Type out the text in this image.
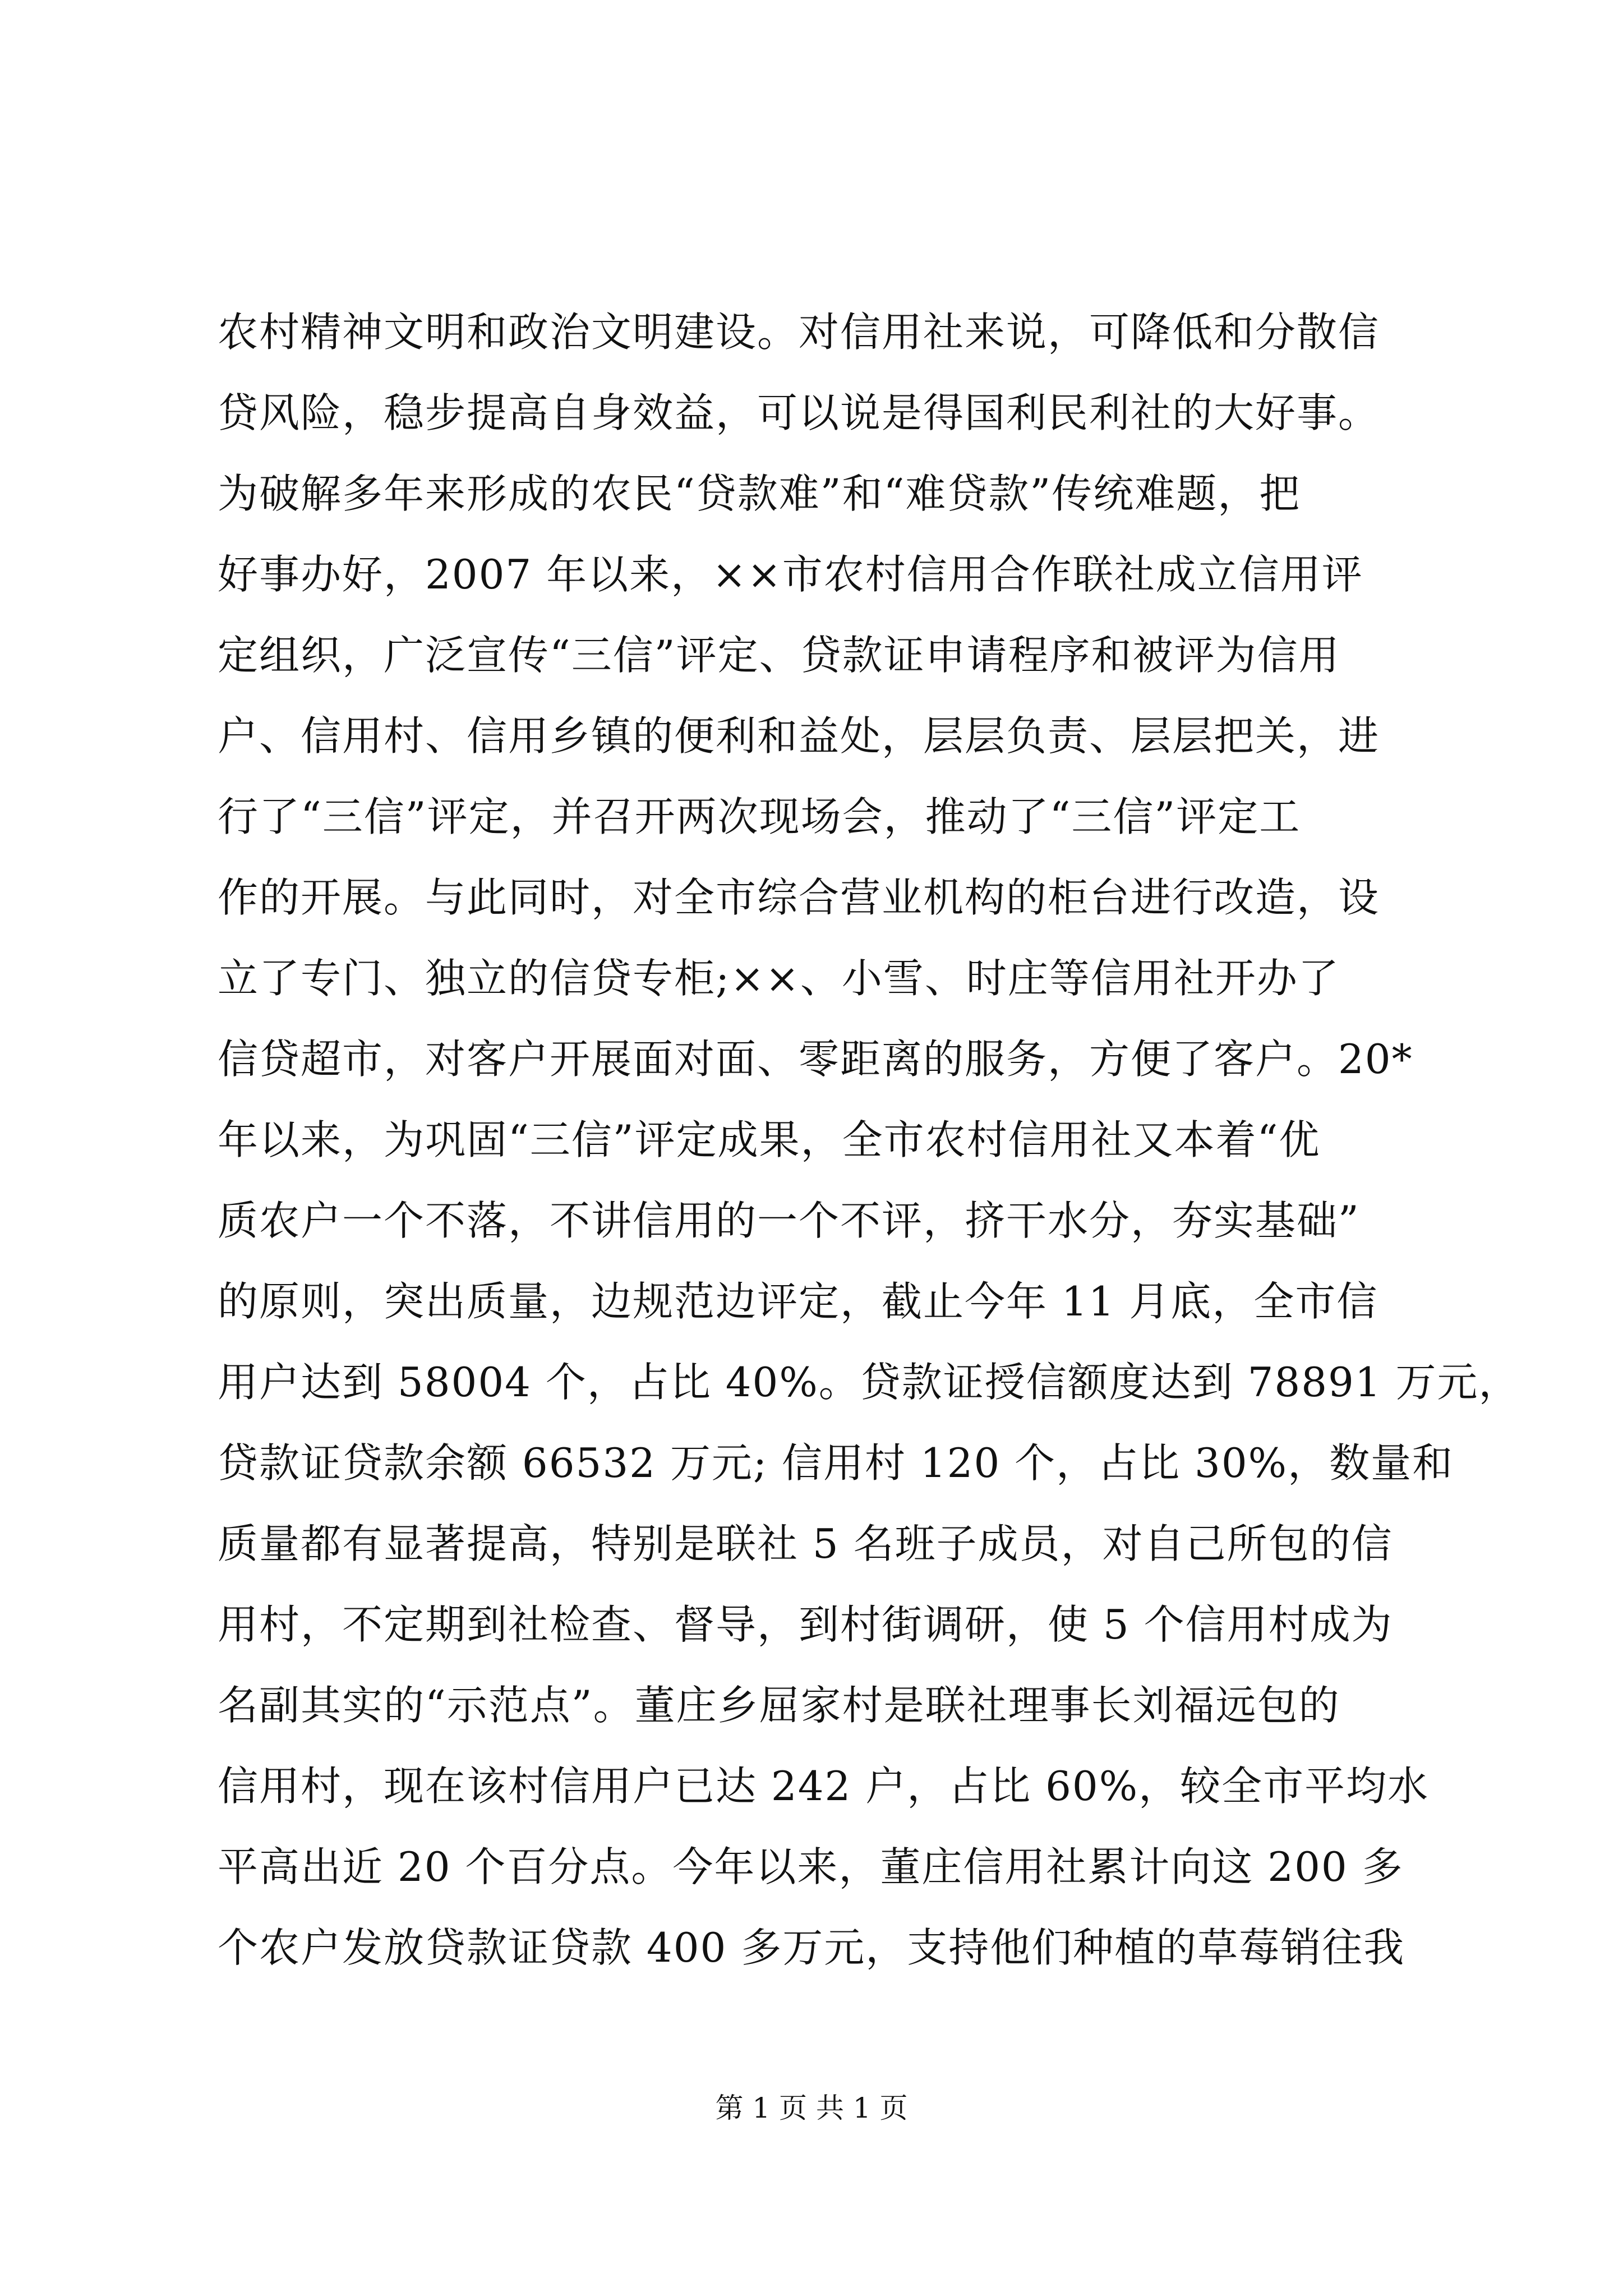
农村精神文明和政治文明建设。对信用社来说，可降低和分散信
贷风险，稳步提高自身效益，可以说是得国利民利社的大好事。
为破解多年来形成的农民“贷款难”和“难贷款”传统难题，把
好事办好，2007 年以来，××市农村信用合作联社成立信用评
定组织，广泛宣传“三信”评定、贷款证申请程序和被评为信用
户、信用村、信用乡镇的便利和益处，层层负责、层层把关，进
行了“三信”评定，并召开两次现场会，推动了“三信”评定工
作的开展。与此同时，对全市综合营业机构的柜台进行改造，设
立了专门、独立的信贷专柜;××、小雪、时庄等信用社开办了
信贷超市，对客户开展面对面、零距离的服务，方便了客户。20*
年以来，为巩固“三信”评定成果，全市农村信用社又本着“优
质农户一个不落，不讲信用的一个不评，挤干水分，夯实基础”
的原则，突出质量，边规范边评定，截止今年 11 月底，全市信
用户达到 58004 个，占比 40%。贷款证授信额度达到 78891 万元，
贷款证贷款余额 66532 万元; 信用村 120 个，占比 30%，数量和
质量都有显著提高，特别是联社 5 名班子成员，对自己所包的信
用村，不定期到社检查、督导，到村街调研，使 5 个信用村成为
名副其实的“示范点”。董庄乡屈家村是联社理事长刘福远包的
信用村，现在该村信用户已达 242 户，占比 60%，较全市平均水
平高出近 20 个百分点。今年以来，董庄信用社累计向这 200 多
个农户发放贷款证贷款 400 多万元，支持他们种植的草莓销往我
第 1 页 共 1 页
